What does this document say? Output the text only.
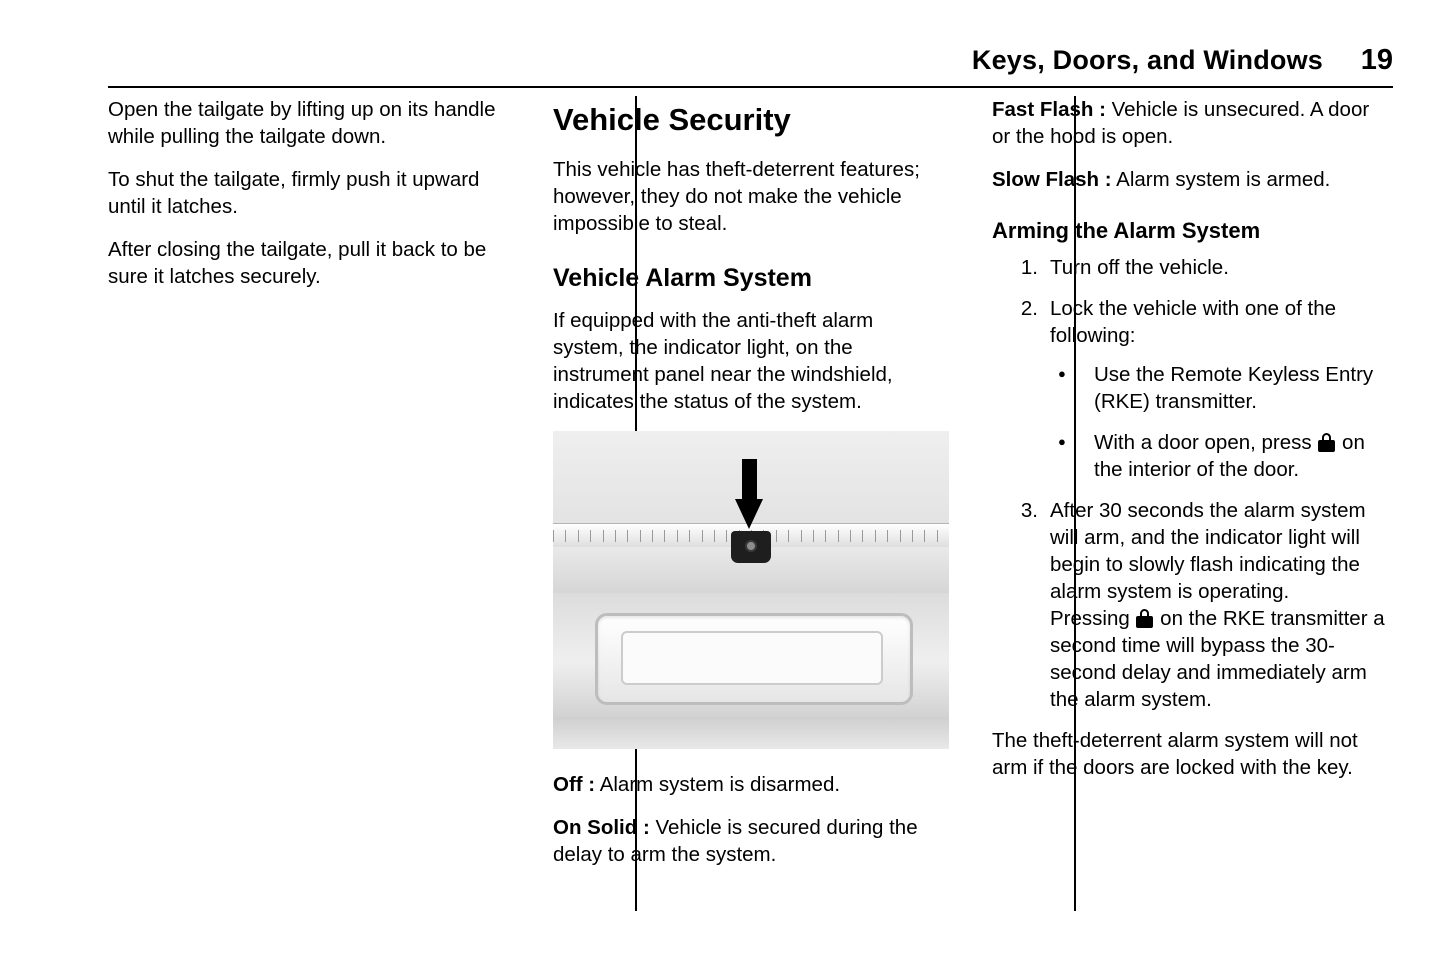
Keys, Doors, and Windows 19

Open the tailgate by lifting up on its handle while pulling the tailgate down.

To shut the tailgate, firmly push it upward until it latches.

After closing the tailgate, pull it back to be sure it latches securely.

Vehicle Security

This vehicle has theft-deterrent features; however, they do not make the vehicle impossible to steal.

Vehicle Alarm System

If equipped with the anti-theft alarm system, the indicator light, on the instrument panel near the windshield, indicates the status of the system.

Off : Alarm system is disarmed.

On Solid : Vehicle is secured during the delay to arm the system.

Fast Flash : Vehicle is unsecured. A door or the hood is open.

Slow Flash : Alarm system is armed.

Arming the Alarm System
Turn off the vehicle.
Lock the vehicle with one of the following:
● Use the Remote Keyless Entry (RKE) transmitter.
● With a door open, press
on the interior of the door.
After 30 seconds the alarm system will arm, and the indicator light will begin to slowly flash indicating the alarm system is operating.
Pressing
on the RKE transmitter a second time will bypass the 30-second delay and immediately arm the alarm system.

The theft-deterrent alarm system will not arm if the doors are locked with the key.
